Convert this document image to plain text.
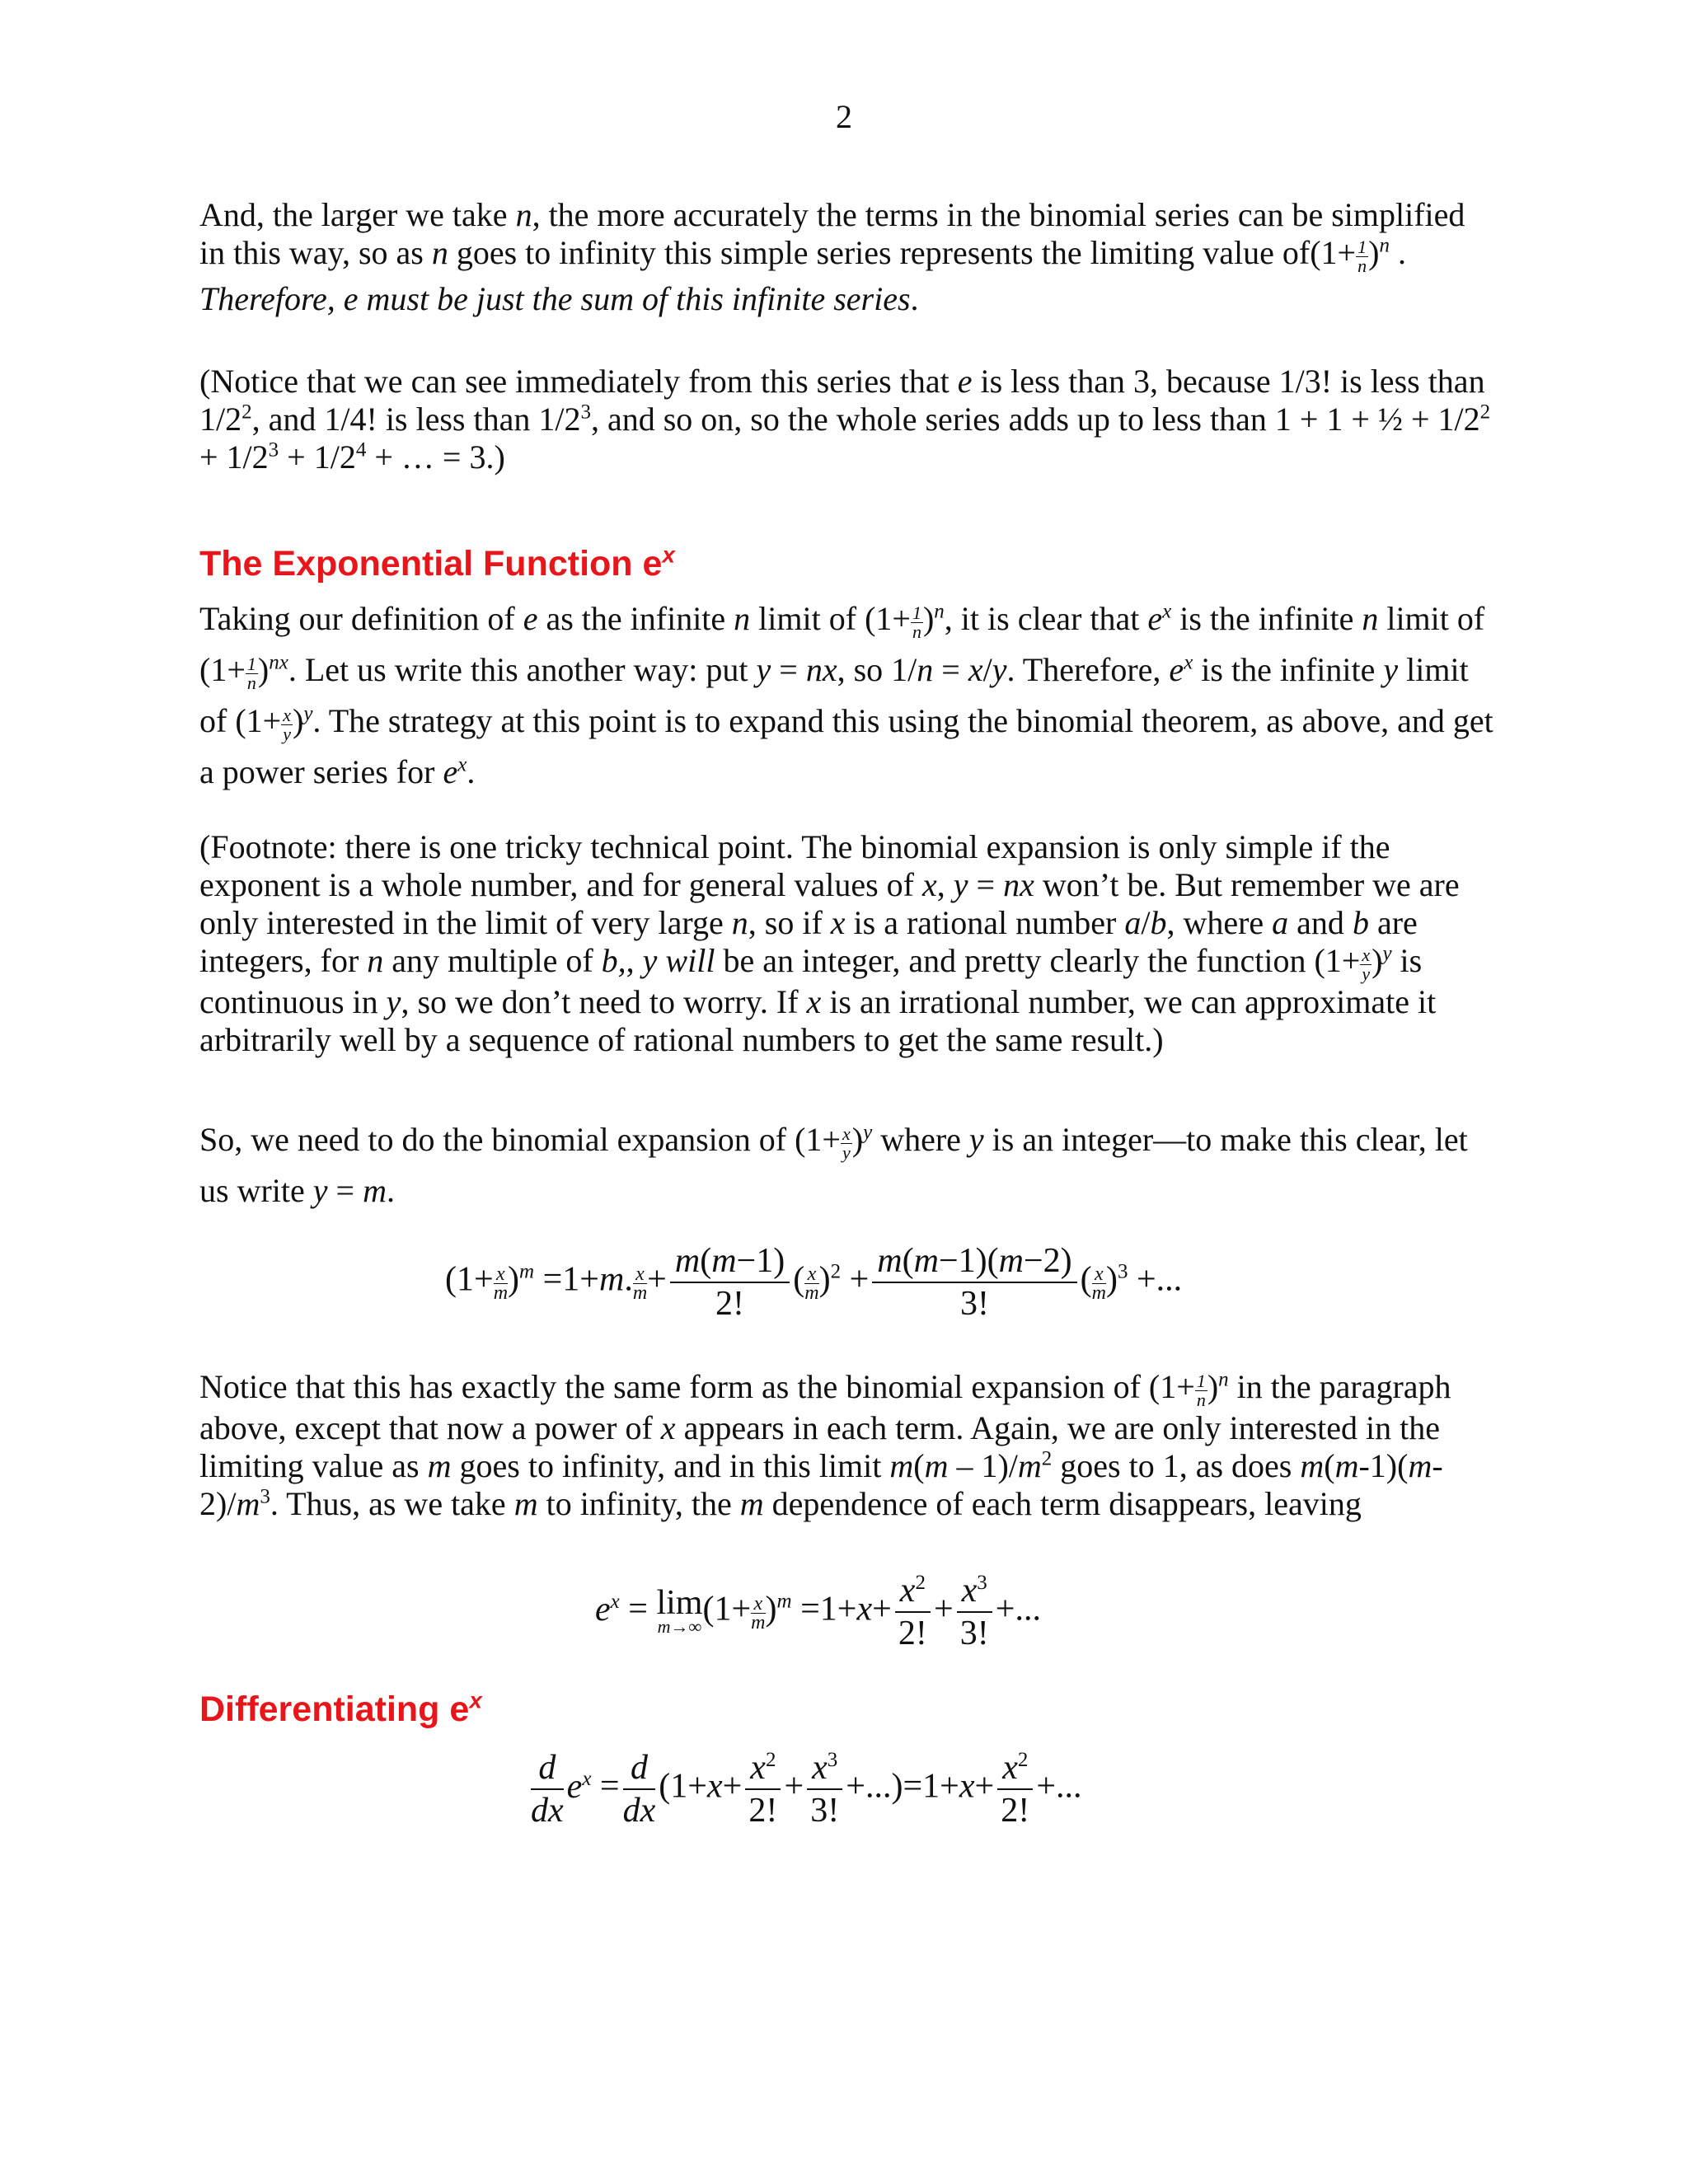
2

And, the larger we take n, the more accurately the terms in the binomial series can be simplified in this way, so as n goes to infinity this simple series represents the limiting value $of(1+ \frac{1}{n} )^n$ .

Therefore, e must be just the sum of this infinite series.

(Notice that we can see immediately from this series that e is less than 3, because 1/3! is less than $1/2^2$, and 1/4! is less than $1/2^3$, and so on, so the whole series adds up to less than 1 + 1 + ½ + $1/2^2 + 1/2^3 + 1/2^4$ + … = 3.)

The Exponential Function $e^x$

Taking our definition of e as the infinite n limit of $(1+ \frac{1}{n} )^n$, it is clear that $e^x$ is the infinite n limit of $(1+ \frac{1}{n} )^{nx}$. Let us write this another way: put y = nx, so 1/n = x/y. Therefore, $e^x$ is the infinite y limit of $(1+ \frac{x}{y} )^y$. The strategy at this point is to expand this using the binomial theorem, as above, and get a power series for $e^x$.

(Footnote: there is one tricky technical point. The binomial expansion is only simple if the exponent is a whole number, and for general values of x, y = nx won’t be. But remember we are only interested in the limit of very large n, so if x is a rational number a/b, where a and b are integers, for n any multiple of b,, y will be an integer, and pretty clearly the function $(1+ \frac{x}{y} )^y$ is continuous in y, so we don’t need to worry. If x is an irrational number, we can approximate it arbitrarily well by a sequence of rational numbers to get the same result.)

So, we need to do the binomial expansion of $(1+ \frac{x}{y} )^y$ where y is an integer—to make this clear, let us write y = m.

$(1+ \frac{x}{m} )^m =1+m$. $\frac{x}{m} + \frac{m(m-1)}{2!}$ ( $\frac{x}{m} )^2 + \frac{m(m-1)(m-2)}{3!}$ ( $\frac{x}{m} )^3$ +...

Notice that this has exactly the same form as the binomial expansion of $(1+ \frac{1}{n} )^n$ in the paragraph above, except that now a power of x appears in each term. Again, we are only interested in the limiting value as m goes to infinity, and in this limit $m(m - 1)/m^2$ goes to 1, as does $m(m-1)(m-2)/m^3$. Thus, as we take m to infinity, the m dependence of each term disappears, leaving

$e^x = \lim$
m→∞ $(1+ \frac{x}{m} )^m =1+x+ \frac{x^2}{2!} + \frac{x^3}{3!}$ +...
Differentiating $e^x$
$\frac{d}{dx} e^x = \frac{d}{dx} (1+x+ \frac{x^2}{2!} + \frac{x^3}{3!} +...)=1+x+ \frac{x^2}{2!}$ +...
